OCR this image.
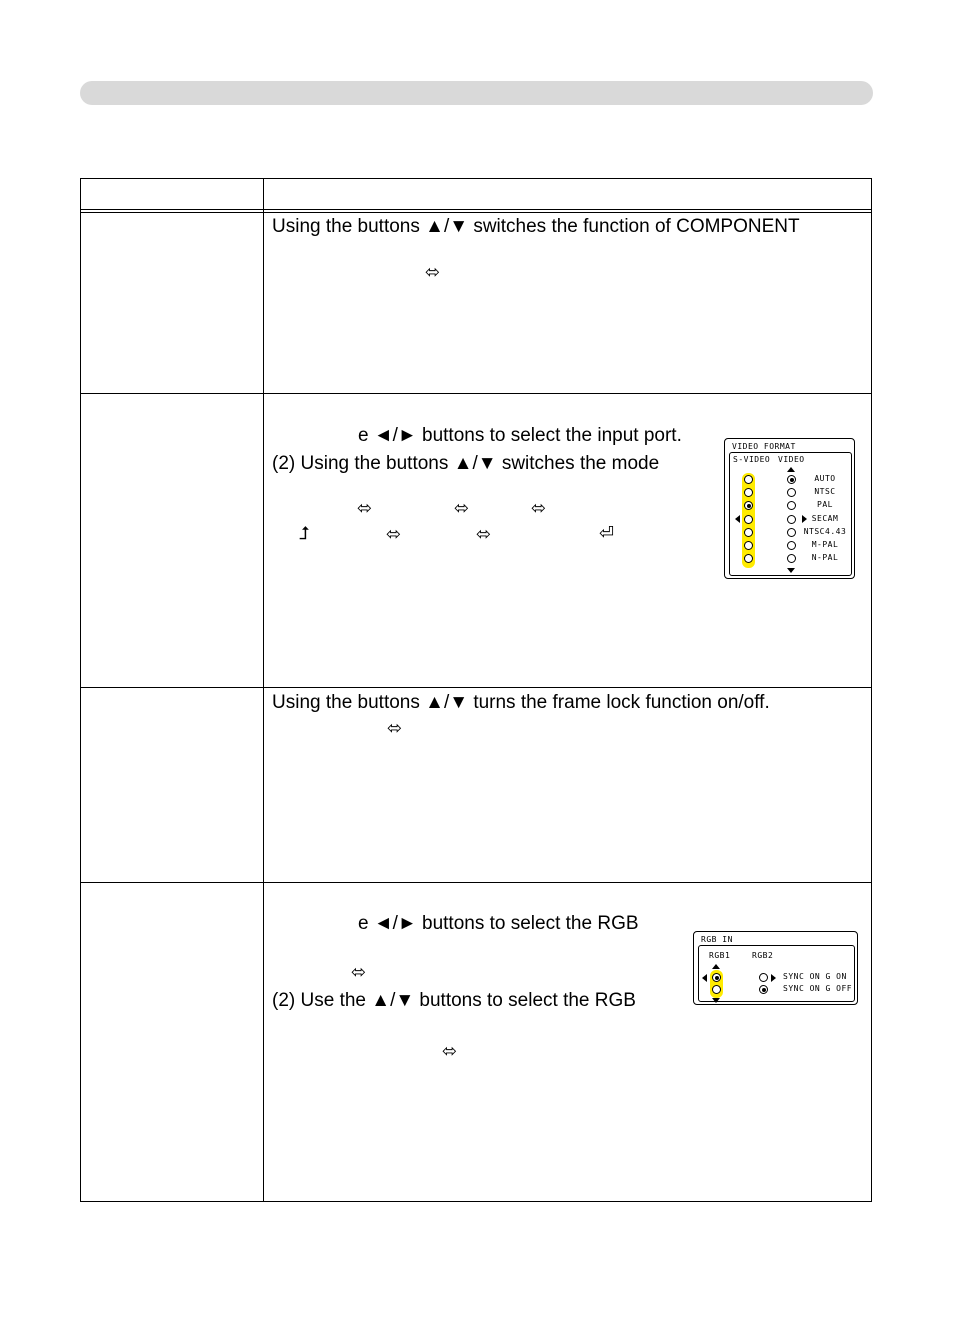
Using the buttons ▲/▼ switches the function of COMPONENT
⬄
e ◄/► buttons to select the input port.
(2) Using the buttons ▲/▼ switches the mode
⬄	⬄	⬄
⮥	⬄	⬄	⏎
VIDEO FORMAT
S-VIDEO VIDEO
AUTO
NTSC
PAL
SECAM
NTSC4.43
M-PAL
N-PAL
Using the buttons ▲/▼ turns the frame lock function on/off.
⬄
e ◄/► buttons to select the RGB
⬄
(2) Use the ▲/▼ buttons to select the RGB
⬄
RGB IN
RGB1	RGB2
SYNC ON G ON
SYNC ON G OFF
